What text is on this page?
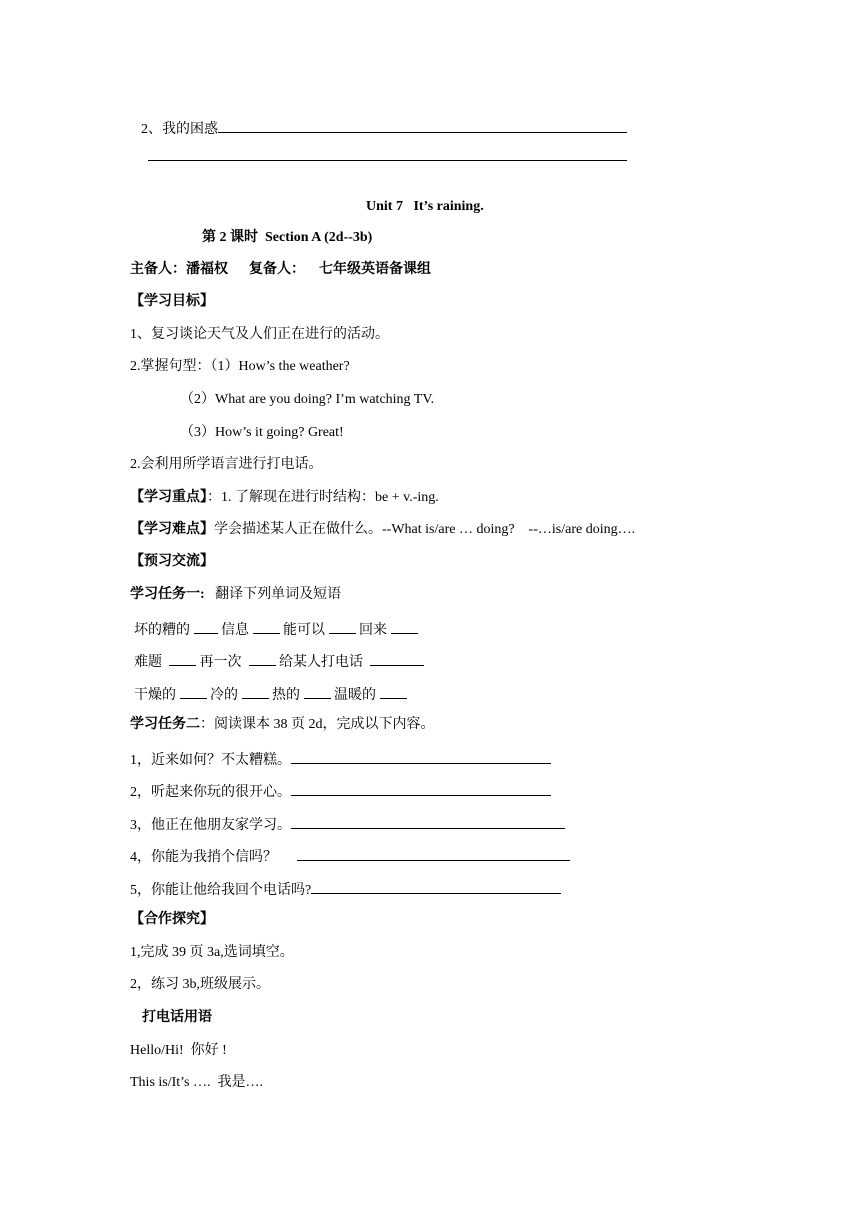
2、我的困惑
Unit 7   It’s raining.
第 2 课时  Section A (2d--3b)
主备人：潘福权      复备人：    七年级英语备课组
【学习目标】
1、复习谈论天气及人们正在进行的活动。
2.掌握句型：（1）How’s the weather?
（2）What are you doing? I’m watching TV.
（3）How’s it going? Great!
2.会利用所学语言进行打电话。
【学习重点】：1. 了解现在进行时结构：be + v.-ing.
【学习难点】学会描述某人正在做什么。--What is/are … doing?    --…is/are doing….
【预习交流】
学习任务一:   翻译下列单词及短语
坏的糟的 信息 能可以 回来
难题	再一次	给某人打电话
干燥的 冷的 热的 温暖的
学习任务二：阅读课本 38 页 2d，完成以下内容。
1，近来如何？不太糟糕。
2，听起来你玩的很开心。
3，他正在他朋友家学习。
4，你能为我捎个信吗？
5，你能让他给我回个电话吗?
【合作探究】
1,完成 39 页 3a,选词填空。
2，练习 3b,班级展示。
打电话用语
Hello/Hi!  你好 !
This is/It’s ….  我是….
